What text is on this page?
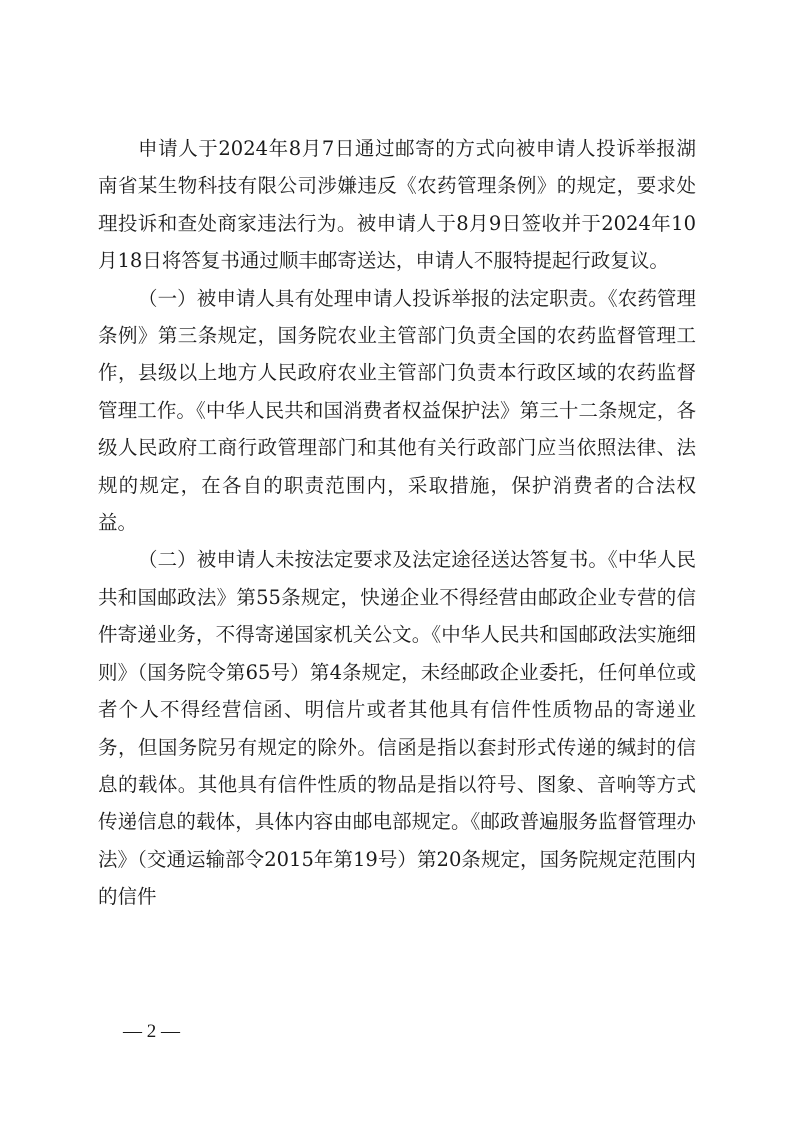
申请人于2024年8月7日通过邮寄的方式向被申请人投诉举报湖南省某生物科技有限公司涉嫌违反《农药管理条例》的规定，要求处理投诉和查处商家违法行为。被申请人于8月9日签收并于2024年10月18日将答复书通过顺丰邮寄送达，申请人不服特提起行政复议。

（一）被申请人具有处理申请人投诉举报的法定职责。《农药管理条例》第三条规定，国务院农业主管部门负责全国的农药监督管理工作，县级以上地方人民政府农业主管部门负责本行政区域的农药监督管理工作。《中华人民共和国消费者权益保护法》第三十二条规定，各级人民政府工商行政管理部门和其他有关行政部门应当依照法律、法规的规定，在各自的职责范围内，采取措施，保护消费者的合法权益。

（二）被申请人未按法定要求及法定途径送达答复书。《中华人民共和国邮政法》第55条规定，快递企业不得经营由邮政企业专营的信件寄递业务，不得寄递国家机关公文。《中华人民共和国邮政法实施细则》（国务院令第65号）第4条规定，未经邮政企业委托，任何单位或者个人不得经营信函、明信片或者其他具有信件性质物品的寄递业务，但国务院另有规定的除外。信函是指以套封形式传递的缄封的信息的载体。其他具有信件性质的物品是指以符号、图象、音响等方式传递信息的载体，具体内容由邮电部规定。《邮政普遍服务监督管理办法》（交通运输部令2015年第19号）第20条规定，国务院规定范围内的信件

— 2 —
